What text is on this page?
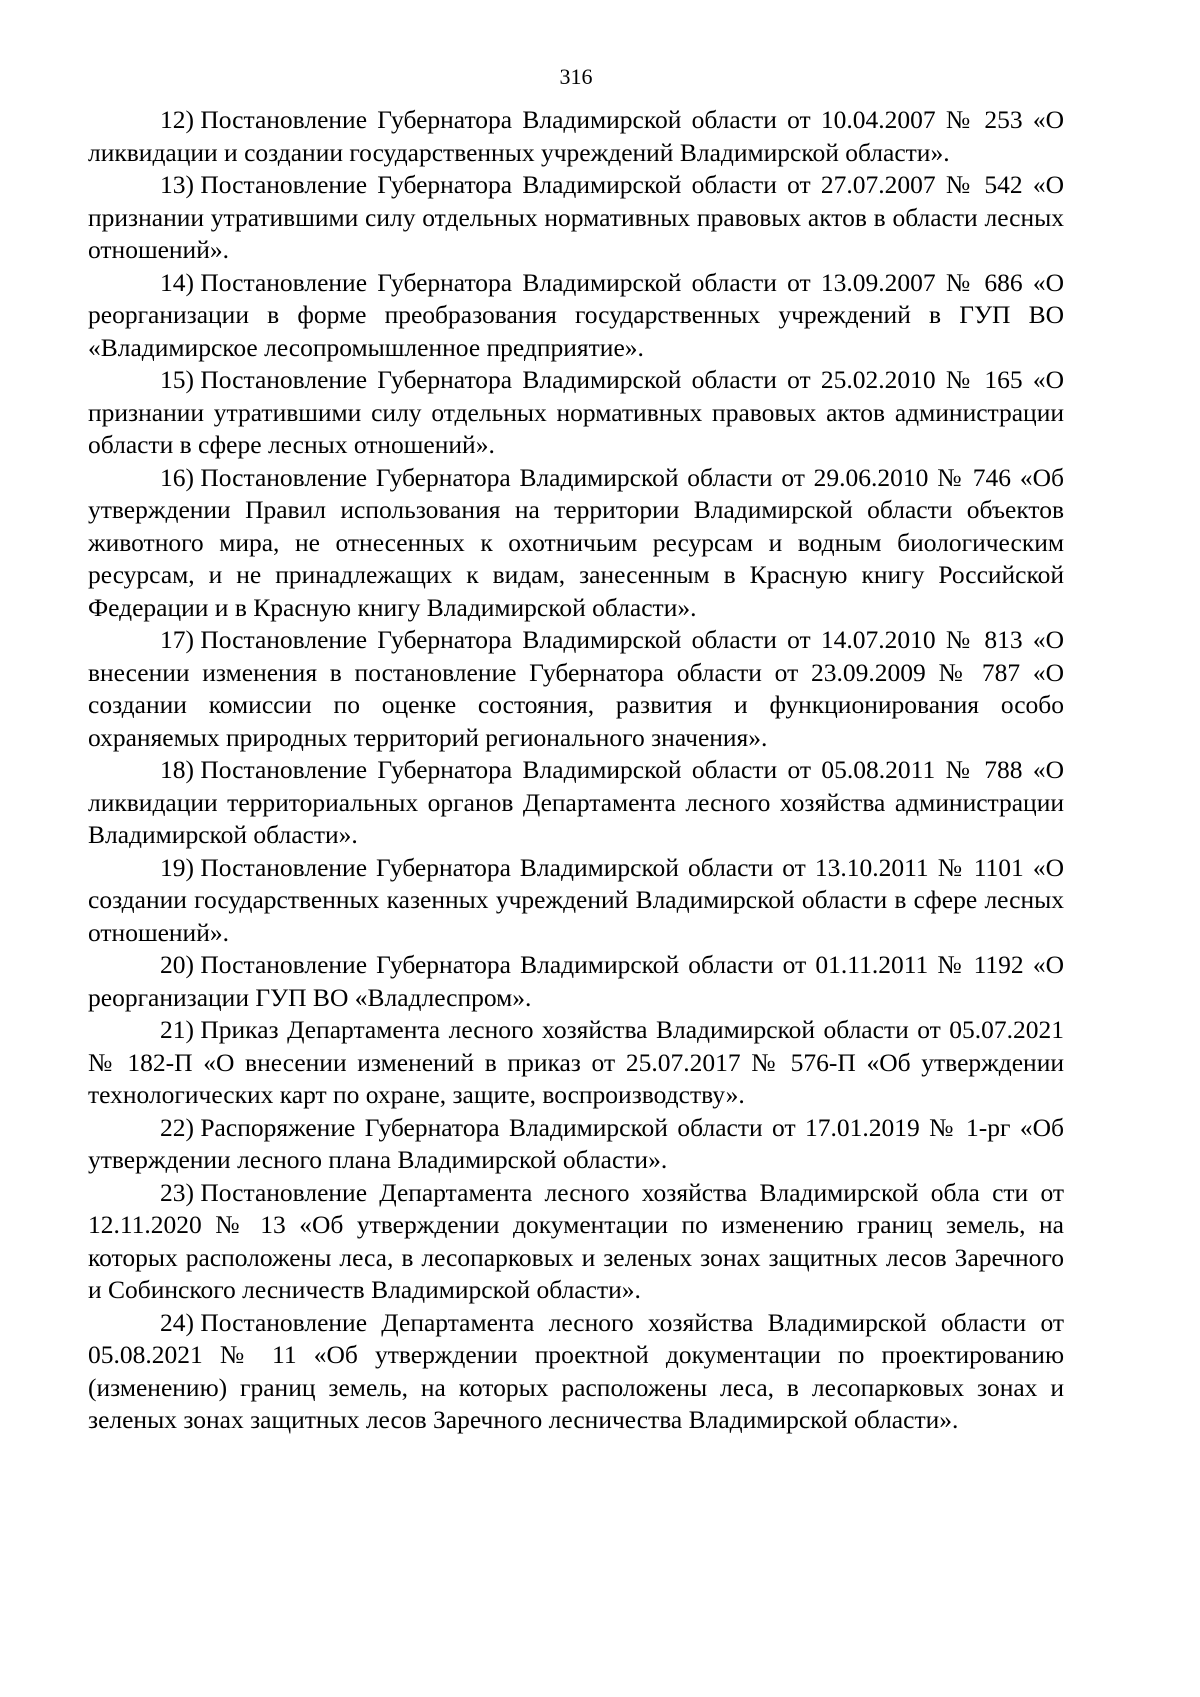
316

12) Постановление Губернатора Владимирской области от 10.04.2007 № 253 «О ликвидации и создании государственных учреждений Владимирской области».

13) Постановление Губернатора Владимирской области от 27.07.2007 № 542 «О признании утратившими силу отдельных нормативных правовых актов в области лесных отношений».

14) Постановление Губернатора Владимирской области от 13.09.2007 № 686 «О реорганизации в форме преобразования государственных учреждений в ГУП ВО «Владимирское лесопромышленное предприятие».

15) Постановление Губернатора Владимирской области от 25.02.2010 № 165 «О признании утратившими силу отдельных нормативных правовых актов администрации области в сфере лесных отношений».

16) Постановление Губернатора Владимирской области от 29.06.2010 № 746 «Об утверждении Правил использования на территории Владимирской области объектов животного мира, не отнесенных к охотничьим ресурсам и водным биологическим ресурсам, и не принадлежащих к видам, занесенным в Красную книгу Российской Федерации и в Красную книгу Владимирской области».

17) Постановление Губернатора Владимирской области от 14.07.2010 № 813 «О внесении изменения в постановление Губернатора области от 23.09.2009 № 787 «О создании комиссии по оценке состояния, развития и функционирования особо охраняемых природных территорий регионального значения».

18) Постановление Губернатора Владимирской области от 05.08.2011 № 788 «О ликвидации территориальных органов Департамента лесного хозяйства администрации Владимирской области».

19) Постановление Губернатора Владимирской области от 13.10.2011 № 1101 «О создании государственных казенных учреждений Владимирской области в сфере лесных отношений».

20) Постановление Губернатора Владимирской области от 01.11.2011 № 1192 «О реорганизации ГУП ВО «Владлеспром».

21) Приказ Департамента лесного хозяйства Владимирской области от 05.07.2021 № 182-П «О внесении изменений в приказ от 25.07.2017 № 576-П «Об утверждении технологических карт по охране, защите, воспроизводству».

22) Распоряжение Губернатора Владимирской области от 17.01.2019 № 1-рг «Об утверждении лесного плана Владимирской области».

23) Постановление Департамента лесного хозяйства Владимирской обла сти от 12.11.2020 № 13 «Об утверждении документации по изменению границ земель, на которых расположены леса, в лесопарковых и зеленых зонах защитных лесов Заречного и Собинского лесничеств Владимирской области».

24) Постановление Департамента лесного хозяйства Владимирской области от 05.08.2021 № 11 «Об утверждении проектной документации по проектированию (изменению) границ земель, на которых расположены леса, в лесопарковых зонах и зеленых зонах защитных лесов Заречного лесничества Владимирской области».
